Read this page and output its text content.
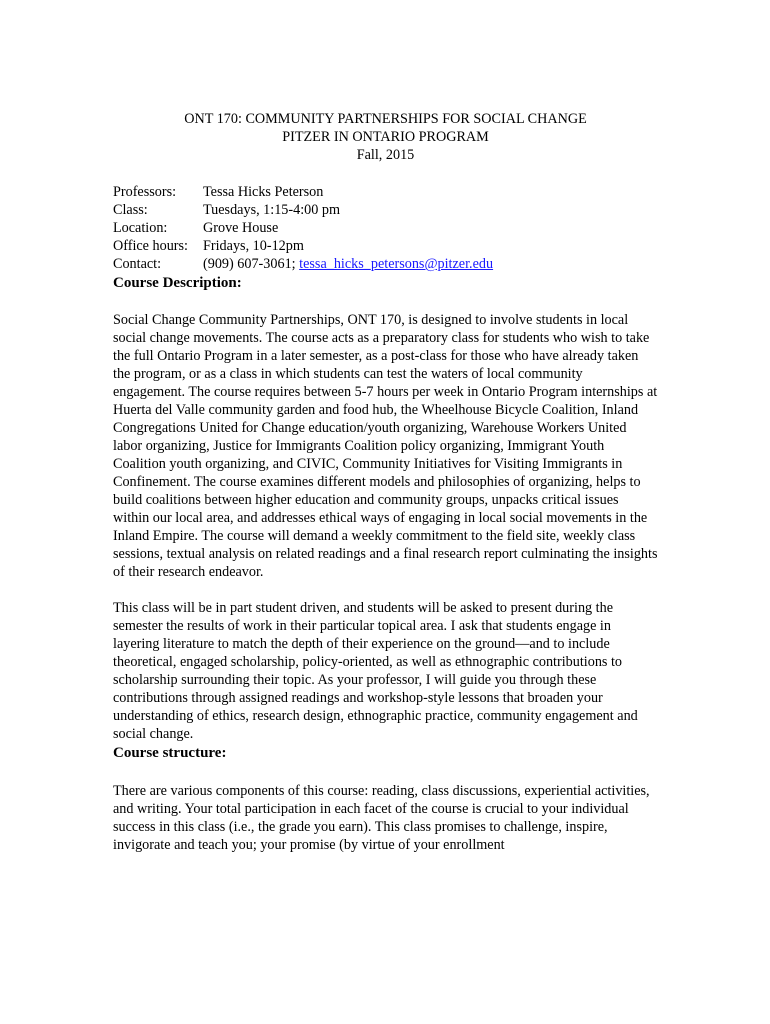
ONT 170: COMMUNITY PARTNERSHIPS FOR SOCIAL CHANGE
PITZER IN ONTARIO PROGRAM
Fall, 2015
Professors:	Tessa Hicks Peterson
Class:	Tuesdays, 1:15-4:00 pm
Location:	Grove House
Office hours:	Fridays, 10-12pm
Contact:	(909) 607-3061; tessa_hicks_petersons@pitzer.edu
Course Description:

Social Change Community Partnerships, ONT 170, is designed to involve students in local social change movements. The course acts as a preparatory class for students who wish to take the full Ontario Program in a later semester, as a post-class for those who have already taken the program, or as a class in which students can test the waters of local community engagement. The course requires between 5-7 hours per week in Ontario Program internships at Huerta del Valle community garden and food hub, the Wheelhouse Bicycle Coalition, Inland Congregations United for Change education/youth organizing, Warehouse Workers United labor organizing, Justice for Immigrants Coalition policy organizing, Immigrant Youth Coalition youth organizing, and CIVIC, Community Initiatives for Visiting Immigrants in Confinement. The course examines different models and philosophies of organizing, helps to build coalitions between higher education and community groups, unpacks critical issues within our local area, and addresses ethical ways of engaging in local social movements in the Inland Empire. The course will demand a weekly commitment to the field site, weekly class sessions, textual analysis on related readings and a final research report culminating the insights of their research endeavor.

This class will be in part student driven, and students will be asked to present during the semester the results of work in their particular topical area. I ask that students engage in layering literature to match the depth of their experience on the ground—and to include theoretical, engaged scholarship, policy-oriented, as well as ethnographic contributions to scholarship surrounding their topic. As your professor, I will guide you through these contributions through assigned readings and workshop-style lessons that broaden your understanding of ethics, research design, ethnographic practice, community engagement and social change.

Course structure:

There are various components of this course: reading, class discussions, experiential activities, and writing. Your total participation in each facet of the course is crucial to your individual success in this class (i.e., the grade you earn). This class promises to challenge, inspire, invigorate and teach you; your promise (by virtue of your enrollment
